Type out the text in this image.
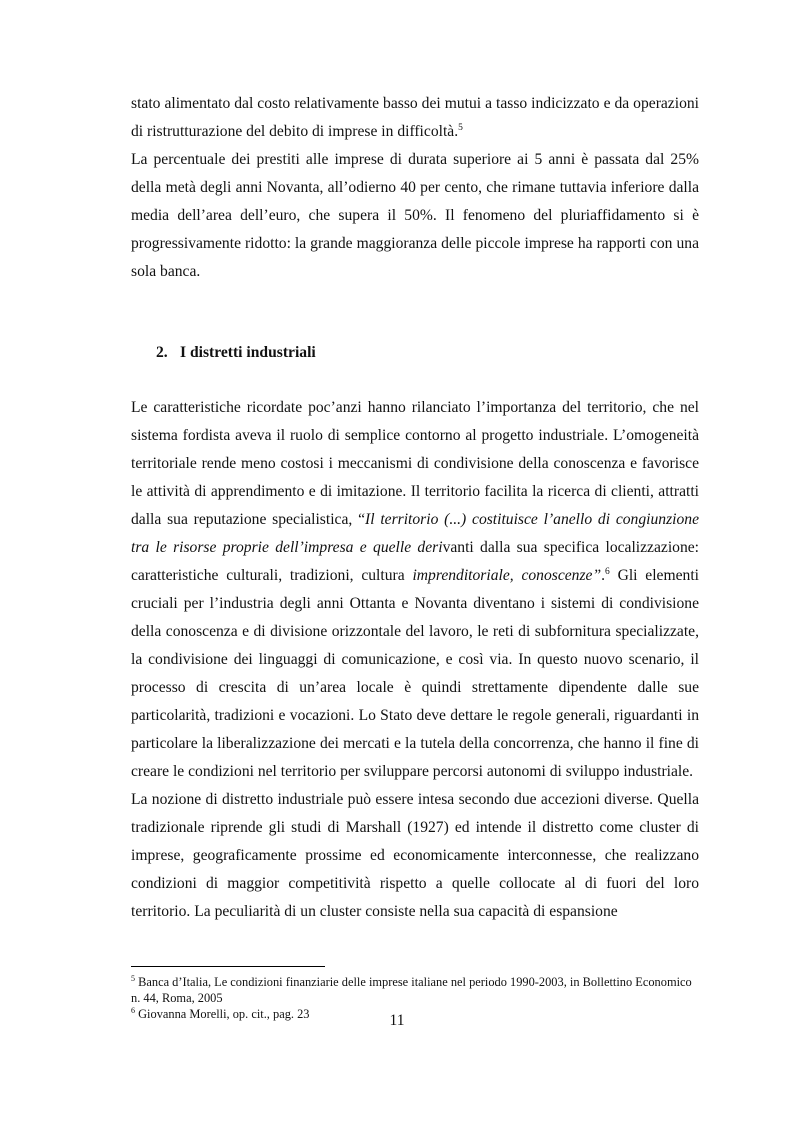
stato alimentato dal costo relativamente basso dei mutui a tasso indicizzato e da operazioni di ristrutturazione del debito di imprese in difficoltà.$^5$

La percentuale dei prestiti alle imprese di durata superiore ai 5 anni è passata dal 25% della metà degli anni Novanta, all’odierno 40 per cento, che rimane tuttavia inferiore dalla media dell’area dell’euro, che supera il 50%. Il fenomeno del pluriaffidamento si è progressivamente ridotto: la grande maggioranza delle piccole imprese ha rapporti con una sola banca.

2. I distretti industriali

Le caratteristiche ricordate poc’anzi hanno rilanciato l’importanza del territorio, che nel sistema fordista aveva il ruolo di semplice contorno al progetto industriale. L’omogeneità territoriale rende meno costosi i meccanismi di condivisione della conoscenza e favorisce le attività di apprendimento e di imitazione. Il territorio facilita la ricerca di clienti, attratti dalla sua reputazione specialistica, “Il territorio (...) costituisce l’anello di congiunzione tra le risorse proprie dell’impresa e quelle derivanti dalla sua specifica localizzazione: caratteristiche culturali, tradizioni, cultura imprenditoriale, conoscenze”.$^6$ Gli elementi cruciali per l’industria degli anni Ottanta e Novanta diventano i sistemi di condivisione della conoscenza e di divisione orizzontale del lavoro, le reti di subfornitura specializzate, la condivisione dei linguaggi di comunicazione, e così via. In questo nuovo scenario, il processo di crescita di un’area locale è quindi strettamente dipendente dalle sue particolarità, tradizioni e vocazioni. Lo Stato deve dettare le regole generali, riguardanti in particolare la liberalizzazione dei mercati e la tutela della concorrenza, che hanno il fine di creare le condizioni nel territorio per sviluppare percorsi autonomi di sviluppo industriale.

La nozione di distretto industriale può essere intesa secondo due accezioni diverse. Quella tradizionale riprende gli studi di Marshall (1927) ed intende il distretto come cluster di imprese, geograficamente prossime ed economicamente interconnesse, che realizzano condizioni di maggior competitività rispetto a quelle collocate al di fuori del loro territorio. La peculiarità di un cluster consiste nella sua capacità di espansione

$^5$ Banca d’Italia, Le condizioni finanziarie delle imprese italiane nel periodo 1990-2003, in Bollettino Economico n. 44, Roma, 2005

$^6$ Giovanna Morelli, op. cit., pag. 23	11
